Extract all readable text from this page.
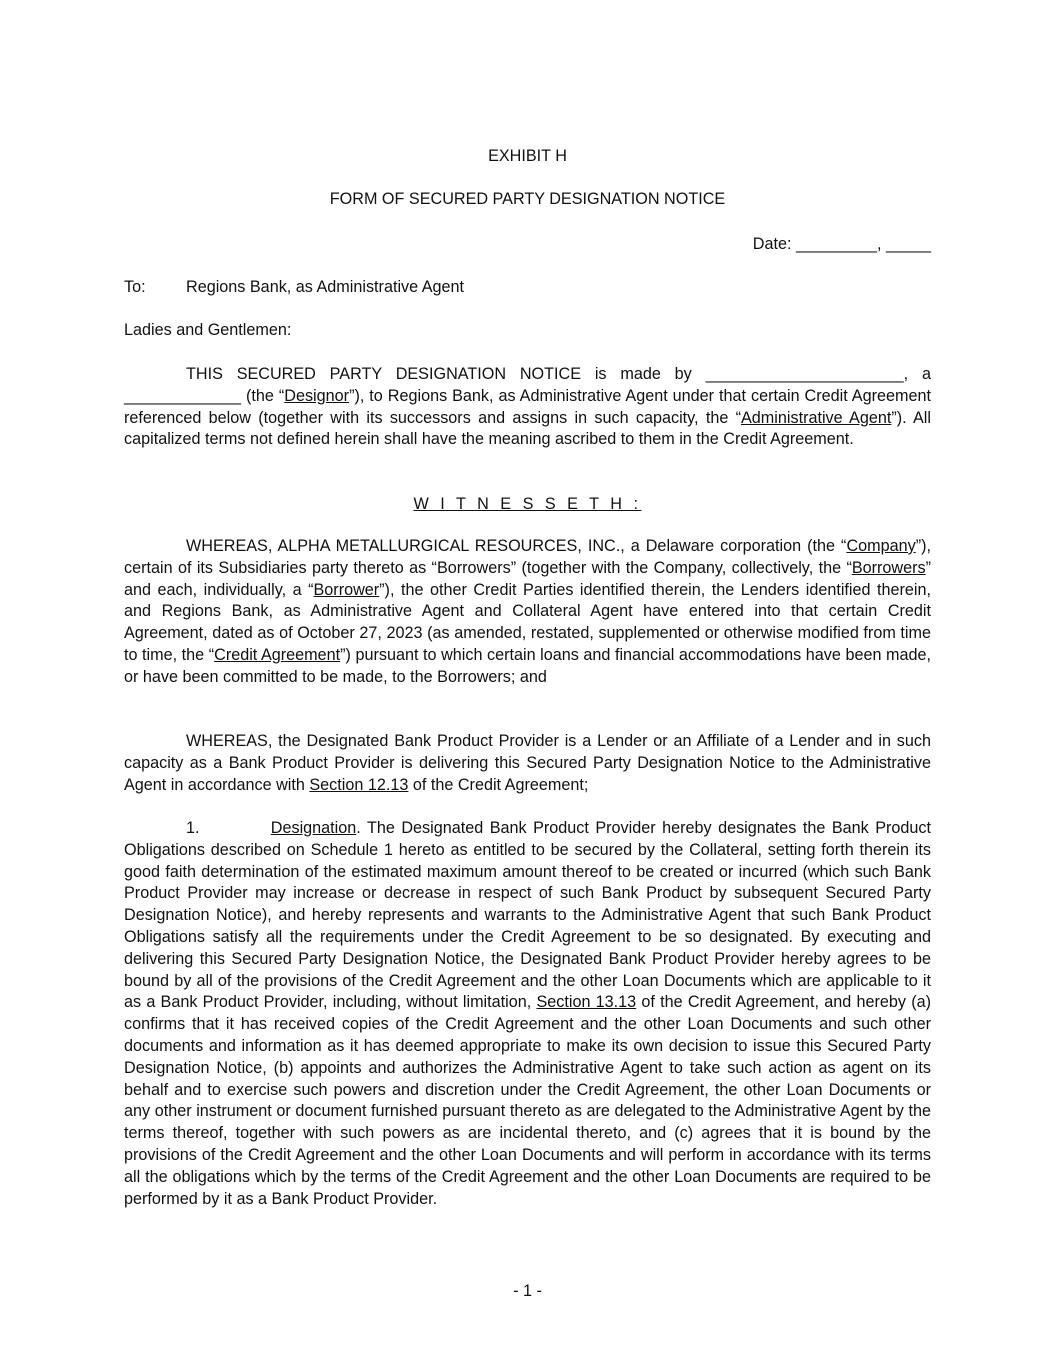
EXHIBIT H
FORM OF SECURED PARTY DESIGNATION NOTICE
Date: _________, _____
To: Regions Bank, as Administrative Agent
Ladies and Gentlemen:
THIS SECURED PARTY DESIGNATION NOTICE is made by ______________________, a _____________ (the “Designor”), to Regions Bank, as Administrative Agent under that certain Credit Agreement referenced below (together with its successors and assigns in such capacity, the “Administrative Agent”). All capitalized terms not defined herein shall have the meaning ascribed to them in the Credit Agreement.
W I T N E S S E T H :
WHEREAS, ALPHA METALLURGICAL RESOURCES, INC., a Delaware corporation (the “Company”), certain of its Subsidiaries party thereto as “Borrowers” (together with the Company, collectively, the “Borrowers” and each, individually, a “Borrower”), the other Credit Parties identified therein, the Lenders identified therein, and Regions Bank, as Administrative Agent and Collateral Agent have entered into that certain Credit Agreement, dated as of October 27, 2023 (as amended, restated, supplemented or otherwise modified from time to time, the “Credit Agreement”) pursuant to which certain loans and financial accommodations have been made, or have been committed to be made, to the Borrowers; and
WHEREAS, the Designated Bank Product Provider is a Lender or an Affiliate of a Lender and in such capacity as a Bank Product Provider is delivering this Secured Party Designation Notice to the Administrative Agent in accordance with Section 12.13 of the Credit Agreement;
1.           Designation. The Designated Bank Product Provider hereby designates the Bank Product Obligations described on Schedule 1 hereto as entitled to be secured by the Collateral, setting forth therein its good faith determination of the estimated maximum amount thereof to be created or incurred (which such Bank Product Provider may increase or decrease in respect of such Bank Product by subsequent Secured Party Designation Notice), and hereby represents and warrants to the Administrative Agent that such Bank Product Obligations satisfy all the requirements under the Credit Agreement to be so designated. By executing and delivering this Secured Party Designation Notice, the Designated Bank Product Provider hereby agrees to be bound by all of the provisions of the Credit Agreement and the other Loan Documents which are applicable to it as a Bank Product Provider, including, without limitation, Section 13.13 of the Credit Agreement, and hereby (a) confirms that it has received copies of the Credit Agreement and the other Loan Documents and such other documents and information as it has deemed appropriate to make its own decision to issue this Secured Party Designation Notice, (b) appoints and authorizes the Administrative Agent to take such action as agent on its behalf and to exercise such powers and discretion under the Credit Agreement, the other Loan Documents or any other instrument or document furnished pursuant thereto as are delegated to the Administrative Agent by the terms thereof, together with such powers as are incidental thereto, and (c) agrees that it is bound by the provisions of the Credit Agreement and the other Loan Documents and will perform in accordance with its terms all the obligations which by the terms of the Credit Agreement and the other Loan Documents are required to be performed by it as a Bank Product Provider.
- 1 -
